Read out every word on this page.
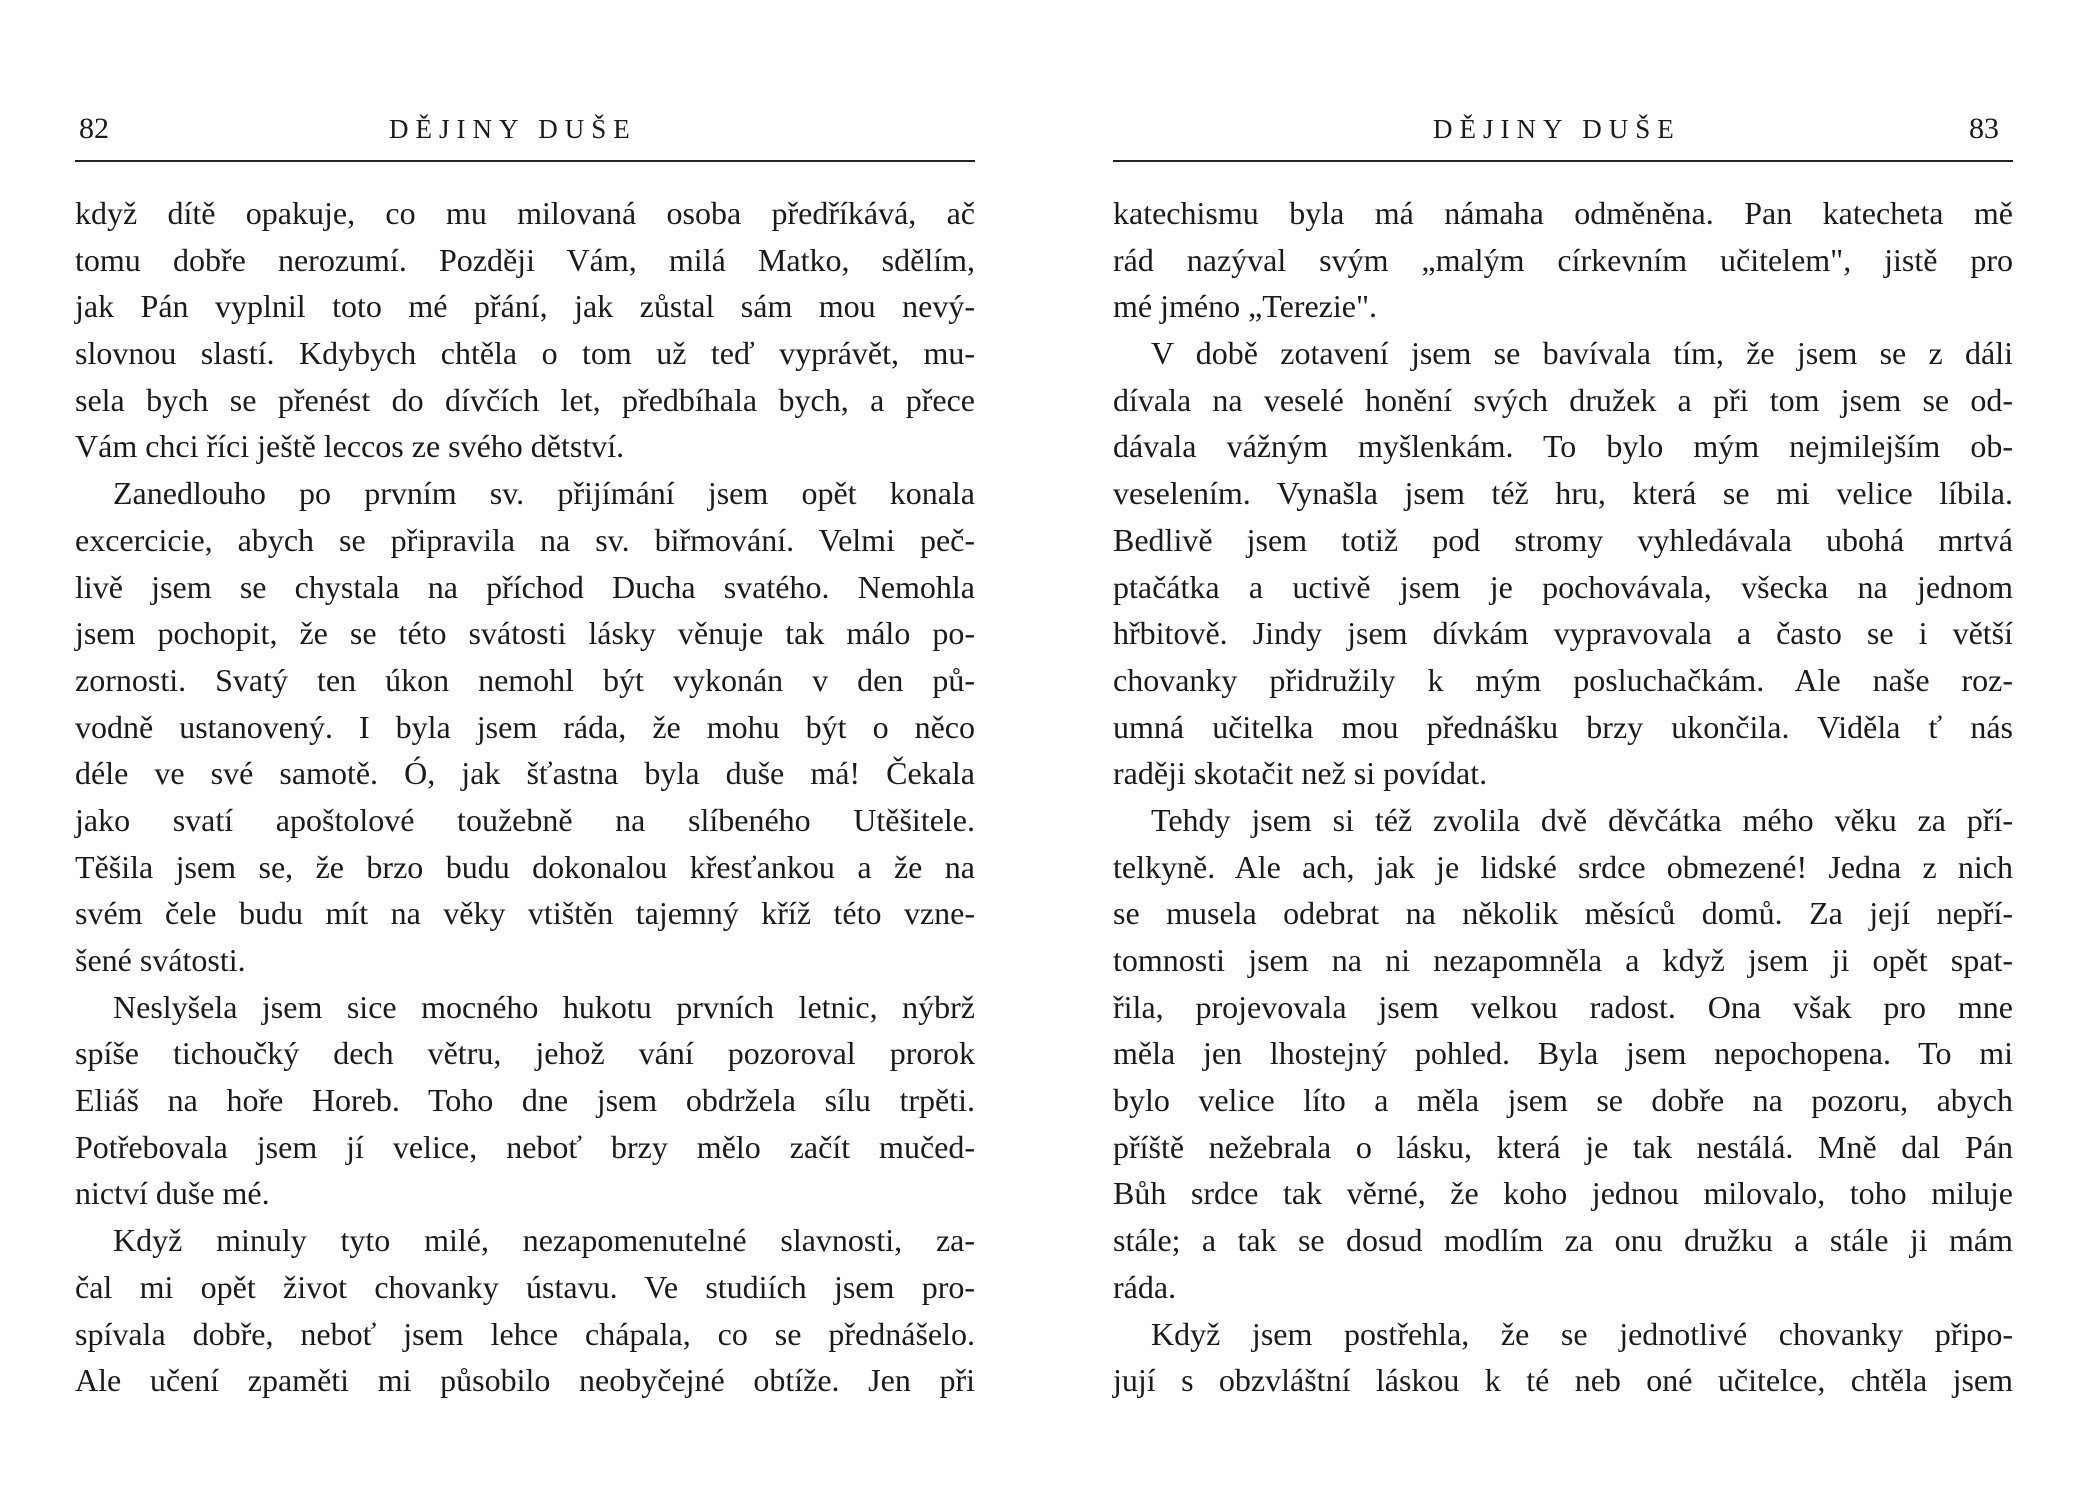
82	DĚJINY DUŠE
když dítě opakuje, co mu milovaná osoba předříkává, ač
tomu dobře nerozumí. Později Vám, milá Matko, sdělím,
jak Pán vyplnil toto mé přání, jak zůstal sám mou nevý-
slovnou slastí. Kdybych chtěla o tom už teď vyprávět, mu-
sela bych se přenést do dívčích let, předbíhala bych, a přece
Vám chci říci ještě leccos ze svého dětství.
Zanedlouho po prvním sv. přijímání jsem opět konala
excercicie, abych se připravila na sv. biřmování. Velmi peč-
livě jsem se chystala na příchod Ducha svatého. Nemohla
jsem pochopit, že se této svátosti lásky věnuje tak málo po-
zornosti. Svatý ten úkon nemohl být vykonán v den pů-
vodně ustanovený. I byla jsem ráda, že mohu být o něco
déle ve své samotě. Ó, jak šťastna byla duše má! Čekala
jako svatí apoštolové toužebně na slíbeného Utěšitele.
Těšila jsem se, že brzo budu dokonalou křesťankou a že na
svém čele budu mít na věky vtištěn tajemný kříž této vzne-
šené svátosti.
Neslyšela jsem sice mocného hukotu prvních letnic, nýbrž
spíše tichoučký dech větru, jehož vání pozoroval prorok
Eliáš na hoře Horeb. Toho dne jsem obdržela sílu trpěti.
Potřebovala jsem jí velice, neboť brzy mělo začít mučed-
nictví duše mé.
Když minuly tyto milé, nezapomenutelné slavnosti, za-
čal mi opět život chovanky ústavu. Ve studiích jsem pro-
spívala dobře, neboť jsem lehce chápala, co se přednášelo.
Ale učení zpaměti mi působilo neobyčejné obtíže. Jen při
DĚJINY DUŠE	83
katechismu byla má námaha odměněna. Pan katecheta mě
rád nazýval svým „malým církevním učitelem", jistě pro
mé jméno „Terezie".
V době zotavení jsem se bavívala tím, že jsem se z dáli
dívala na veselé honění svých družek a při tom jsem se od-
dávala vážným myšlenkám. To bylo mým nejmilejším ob-
veselením. Vynašla jsem též hru, která se mi velice líbila.
Bedlivě jsem totiž pod stromy vyhledávala ubohá mrtvá
ptačátka a uctivě jsem je pochovávala, všecka na jednom
hřbitově. Jindy jsem dívkám vypravovala a často se i větší
chovanky přidružily k mým posluchačkám. Ale naše roz-
umná učitelka mou přednášku brzy ukončila. Viděla ť nás
raději skotačit než si povídat.
Tehdy jsem si též zvolila dvě děvčátka mého věku za pří-
telkyně. Ale ach, jak je lidské srdce obmezené! Jedna z nich
se musela odebrat na několik měsíců domů. Za její nepří-
tomnosti jsem na ni nezapomněla a když jsem ji opět spat-
řila, projevovala jsem velkou radost. Ona však pro mne
měla jen lhostejný pohled. Byla jsem nepochopena. To mi
bylo velice líto a měla jsem se dobře na pozoru, abych
příště nežebrala o lásku, která je tak nestálá. Mně dal Pán
Bůh srdce tak věrné, že koho jednou milovalo, toho miluje
stále; a tak se dosud modlím za onu družku a stále ji mám
ráda.
Když jsem postřehla, že se jednotlivé chovanky připo-
jují s obzvláštní láskou k té neb oné učitelce, chtěla jsem
